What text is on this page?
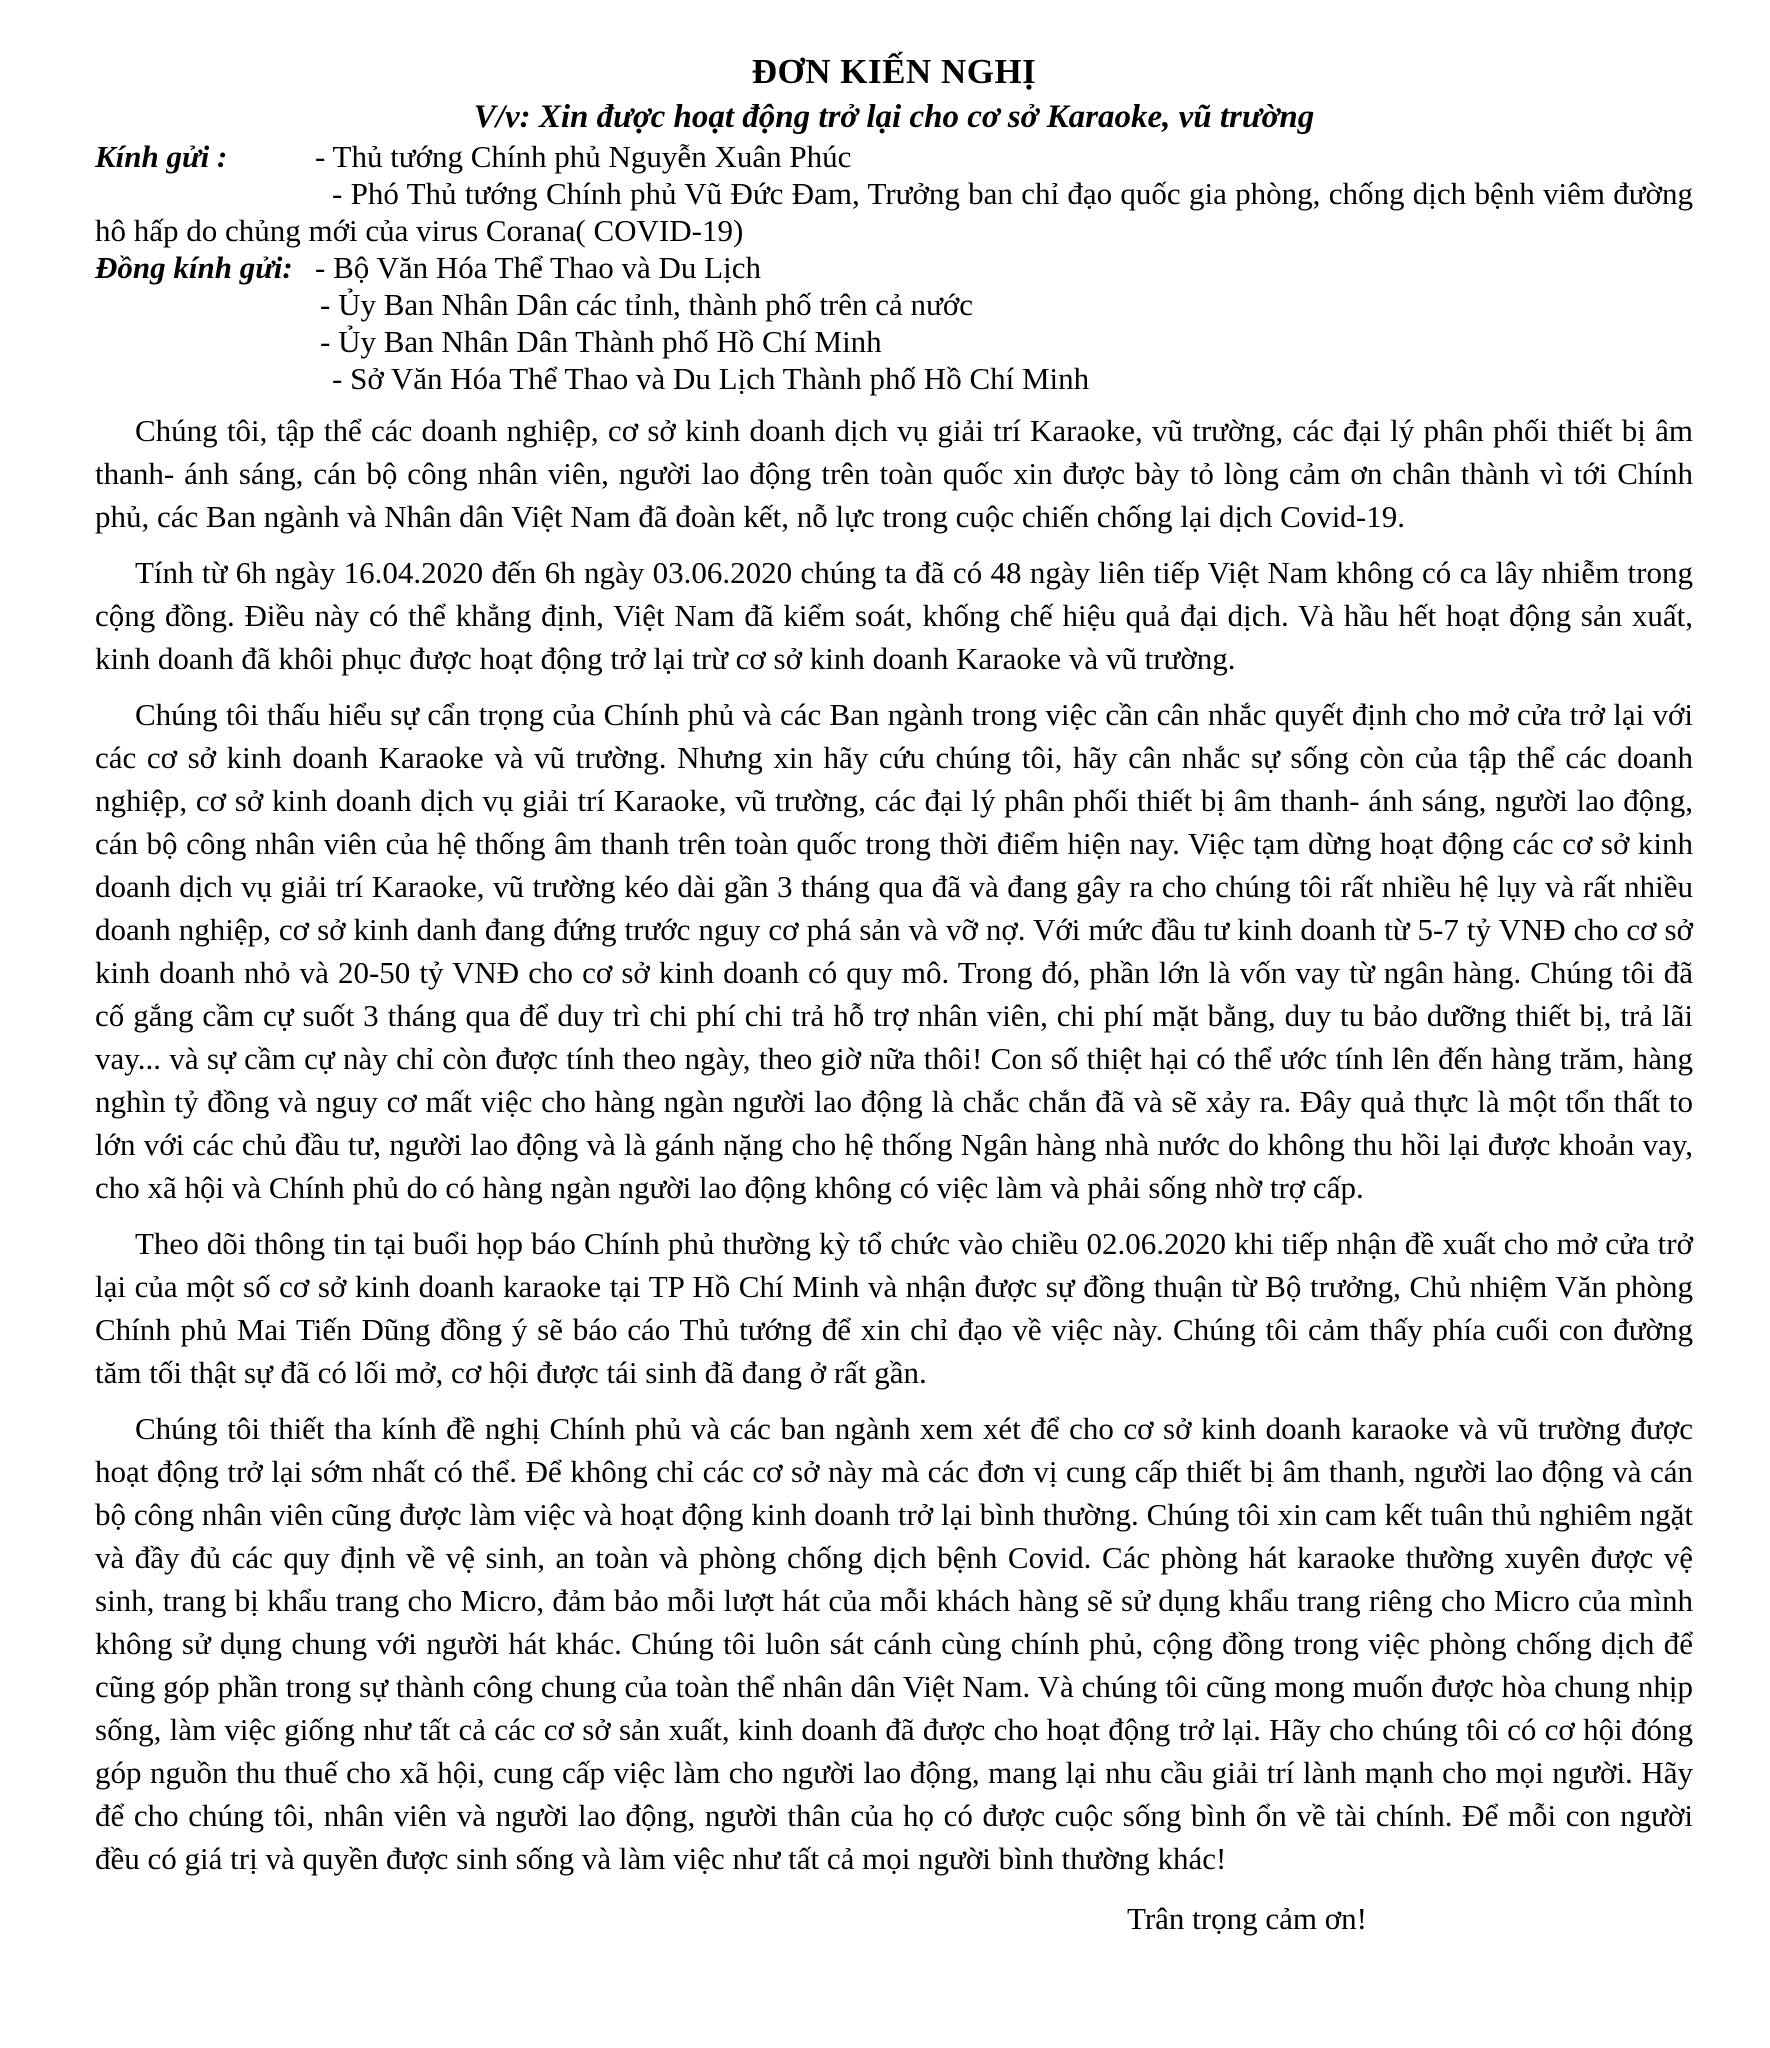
ĐƠN KIẾN NGHỊ
V/v: Xin được hoạt động trở lại cho cơ sở Karaoke, vũ trường
Kính gửi :	- Thủ tướng Chính phủ Nguyễn Xuân Phúc
- Phó Thủ tướng Chính phủ Vũ Đức Đam, Trưởng ban chỉ đạo quốc gia phòng, chống dịch bệnh viêm đường hô hấp do chủng mới của virus Corana( COVID-19)
Đồng kính gửi: - Bộ Văn Hóa Thể Thao và Du Lịch
- Ủy Ban Nhân Dân các tỉnh, thành phố trên cả nước
- Ủy Ban Nhân Dân Thành phố Hồ Chí Minh
- Sở Văn Hóa Thể Thao và Du Lịch Thành phố Hồ Chí Minh

Chúng tôi, tập thể các doanh nghiệp, cơ sở kinh doanh dịch vụ giải trí Karaoke, vũ trường, các đại lý phân phối thiết bị âm thanh- ánh sáng, cán bộ công nhân viên, người lao động trên toàn quốc xin được bày tỏ lòng cảm ơn chân thành vì tới Chính phủ, các Ban ngành và Nhân dân Việt Nam đã đoàn kết, nỗ lực trong cuộc chiến chống lại dịch Covid-19.

Tính từ 6h ngày 16.04.2020 đến 6h ngày 03.06.2020 chúng ta đã có 48 ngày liên tiếp Việt Nam không có ca lây nhiễm trong cộng đồng. Điều này có thể khẳng định, Việt Nam đã kiểm soát, khống chế hiệu quả đại dịch. Và hầu hết hoạt động sản xuất, kinh doanh đã khôi phục được hoạt động trở lại trừ cơ sở kinh doanh Karaoke và vũ trường.

Chúng tôi thấu hiểu sự cẩn trọng của Chính phủ và các Ban ngành trong việc cần cân nhắc quyết định cho mở cửa trở lại với các cơ sở kinh doanh Karaoke và vũ trường. Nhưng xin hãy cứu chúng tôi, hãy cân nhắc sự sống còn của tập thể các doanh nghiệp, cơ sở kinh doanh dịch vụ giải trí Karaoke, vũ trường, các đại lý phân phối thiết bị âm thanh- ánh sáng, người lao động, cán bộ công nhân viên của hệ thống âm thanh trên toàn quốc trong thời điểm hiện nay. Việc tạm dừng hoạt động các cơ sở kinh doanh dịch vụ giải trí Karaoke, vũ trường kéo dài gần 3 tháng qua đã và đang gây ra cho chúng tôi rất nhiều hệ lụy và rất nhiều doanh nghiệp, cơ sở kinh danh đang đứng trước nguy cơ phá sản và vỡ nợ. Với mức đầu tư kinh doanh từ 5-7 tỷ VNĐ cho cơ sở kinh doanh nhỏ và 20-50 tỷ VNĐ cho cơ sở kinh doanh có quy mô. Trong đó, phần lớn là vốn vay từ ngân hàng. Chúng tôi đã cố gắng cầm cự suốt 3 tháng qua để duy trì chi phí chi trả hỗ trợ nhân viên, chi phí mặt bằng, duy tu bảo dưỡng thiết bị, trả lãi vay... và sự cầm cự này chỉ còn được tính theo ngày, theo giờ nữa thôi! Con số thiệt hại có thể ước tính lên đến hàng trăm, hàng nghìn tỷ đồng và nguy cơ mất việc cho hàng ngàn người lao động là chắc chắn đã và sẽ xảy ra. Đây quả thực là một tổn thất to lớn với các chủ đầu tư, người lao động và là gánh nặng cho hệ thống Ngân hàng nhà nước do không thu hồi lại được khoản vay, cho xã hội và Chính phủ do có hàng ngàn người lao động không có việc làm và phải sống nhờ trợ cấp.

Theo dõi thông tin tại buổi họp báo Chính phủ thường kỳ tổ chức vào chiều 02.06.2020 khi tiếp nhận đề xuất cho mở cửa trở lại của một số cơ sở kinh doanh karaoke tại TP Hồ Chí Minh và nhận được sự đồng thuận từ Bộ trưởng, Chủ nhiệm Văn phòng Chính phủ Mai Tiến Dũng đồng ý sẽ báo cáo Thủ tướng để xin chỉ đạo về việc này. Chúng tôi cảm thấy phía cuối con đường tăm tối thật sự đã có lối mở, cơ hội được tái sinh đã đang ở rất gần.

Chúng tôi thiết tha kính đề nghị Chính phủ và các ban ngành xem xét để cho cơ sở kinh doanh karaoke và vũ trường được hoạt động trở lại sớm nhất có thể. Để không chỉ các cơ sở này mà các đơn vị cung cấp thiết bị âm thanh, người lao động và cán bộ công nhân viên cũng được làm việc và hoạt động kinh doanh trở lại bình thường. Chúng tôi xin cam kết tuân thủ nghiêm ngặt và đầy đủ các quy định về vệ sinh, an toàn và phòng chống dịch bệnh Covid. Các phòng hát karaoke thường xuyên được vệ sinh, trang bị khẩu trang cho Micro, đảm bảo mỗi lượt hát của mỗi khách hàng sẽ sử dụng khẩu trang riêng cho Micro của mình không sử dụng chung với người hát khác. Chúng tôi luôn sát cánh cùng chính phủ, cộng đồng trong việc phòng chống dịch để cũng góp phần trong sự thành công chung của toàn thể nhân dân Việt Nam. Và chúng tôi cũng mong muốn được hòa chung nhịp sống, làm việc giống như tất cả các cơ sở sản xuất, kinh doanh đã được cho hoạt động trở lại. Hãy cho chúng tôi có cơ hội đóng góp nguồn thu thuế cho xã hội, cung cấp việc làm cho người lao động, mang lại nhu cầu giải trí lành mạnh cho mọi người. Hãy để cho chúng tôi, nhân viên và người lao động, người thân của họ có được cuộc sống bình ổn về tài chính. Để mỗi con người đều có giá trị và quyền được sinh sống và làm việc như tất cả mọi người bình thường khác!

Trân trọng cảm ơn!
